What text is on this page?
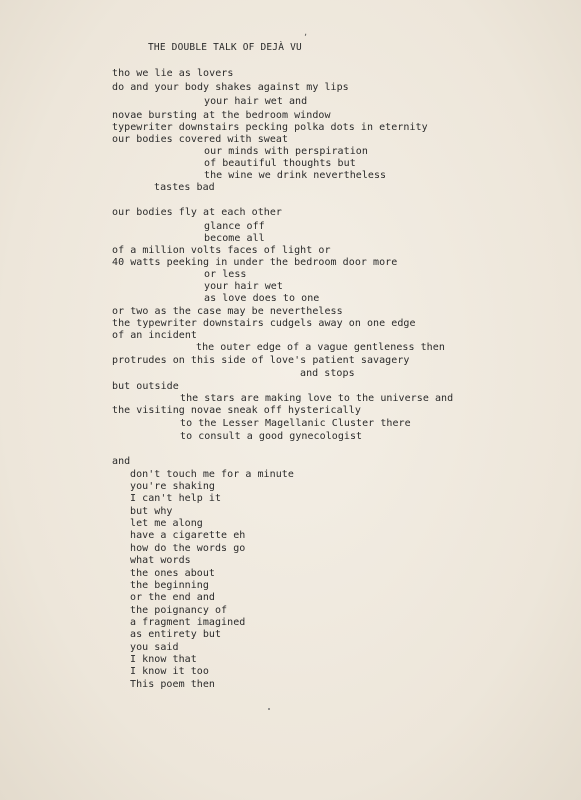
ʼ
THE DOUBLE TALK OF DEJÀ VU
tho we lie as lovers
do and your body shakes against my lips
your hair wet and
novae bursting at the bedroom window
typewriter downstairs pecking polka dots in eternity
our bodies covered with sweat
our minds with perspiration
of beautiful thoughts but
the wine we drink nevertheless
tastes bad
our bodies fly at each other
glance off
become all
of a million volts faces of light or
40 watts peeking in under the bedroom door more
or less
your hair wet
as love does to one
or two as the case may be nevertheless
the typewriter downstairs cudgels away on one edge
of an incident
the outer edge of a vague gentleness then
protrudes on this side of love's patient savagery
and stops
but outside
the stars are making love to the universe and
the visiting novae sneak off hysterically
to the Lesser Magellanic Cluster there
to consult a good gynecologist
and
don't touch me for a minute
you're shaking
I can't help it
but why
let me along
have a cigarette eh
how do the words go
what words
the ones about
the beginning
or the end and
the poignancy of
a fragment imagined
as entirety but
you said
I know that
I know it too
This poem then
